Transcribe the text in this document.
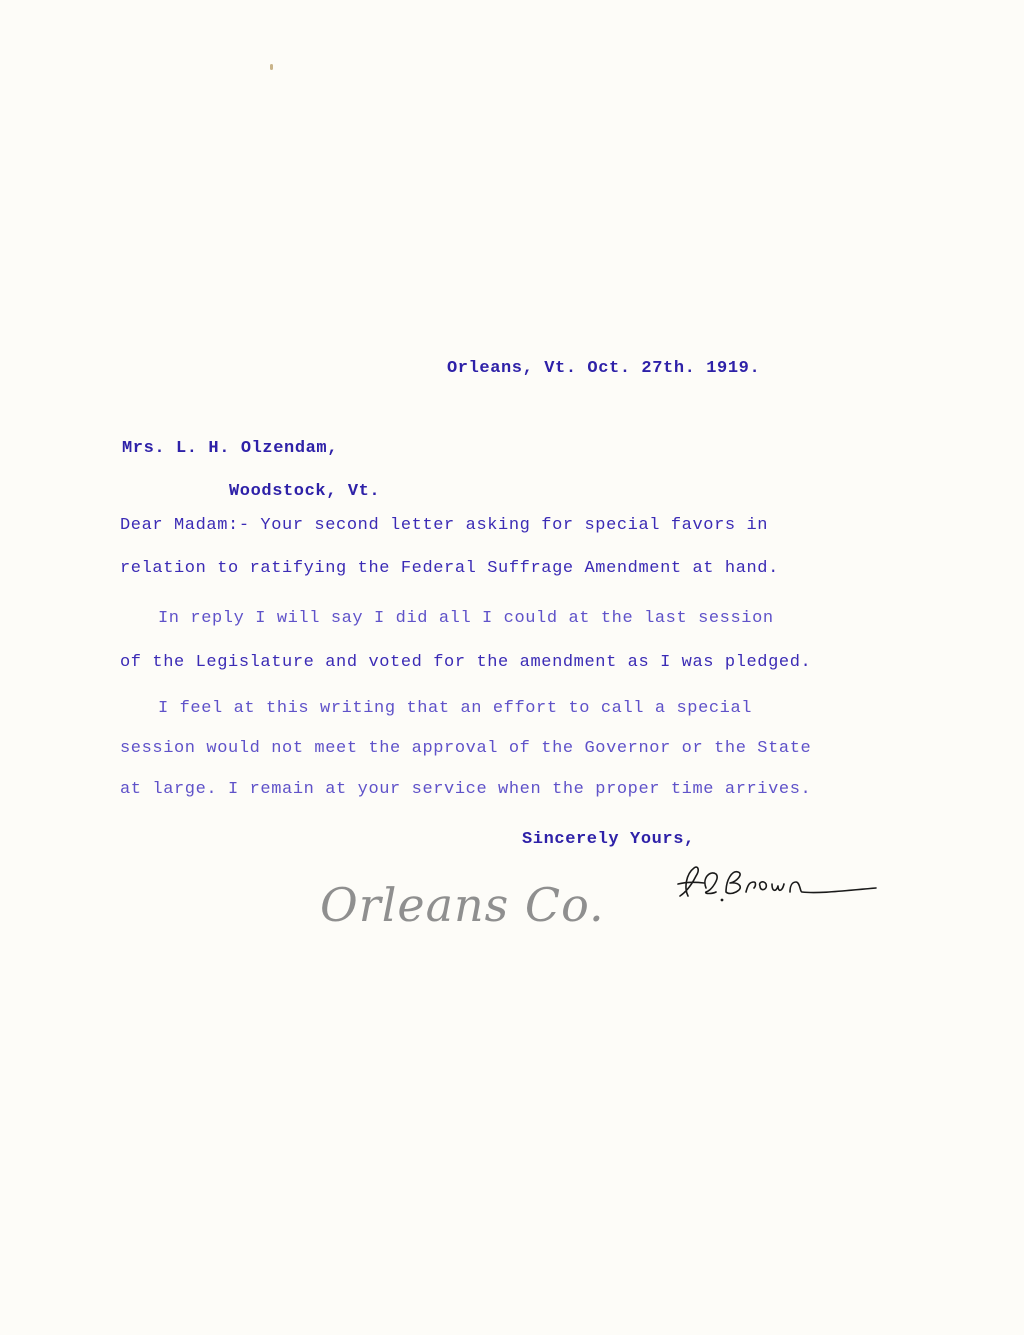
Orleans, Vt. Oct. 27th. 1919.

Mrs. L. H. Olzendam,

Woodstock, Vt.

Dear Madam:- Your second letter asking for special favors in

relation to ratifying the Federal Suffrage Amendment at hand.

In reply I will say I did all I could at the last session

of the Legislature and voted for the amendment as I was pledged.

I feel at this writing that an effort to call a special

session would not meet the approval of the Governor or the State

at large. I remain at your service when the proper time arrives.

Sincerely Yours,

Orleans Co.
